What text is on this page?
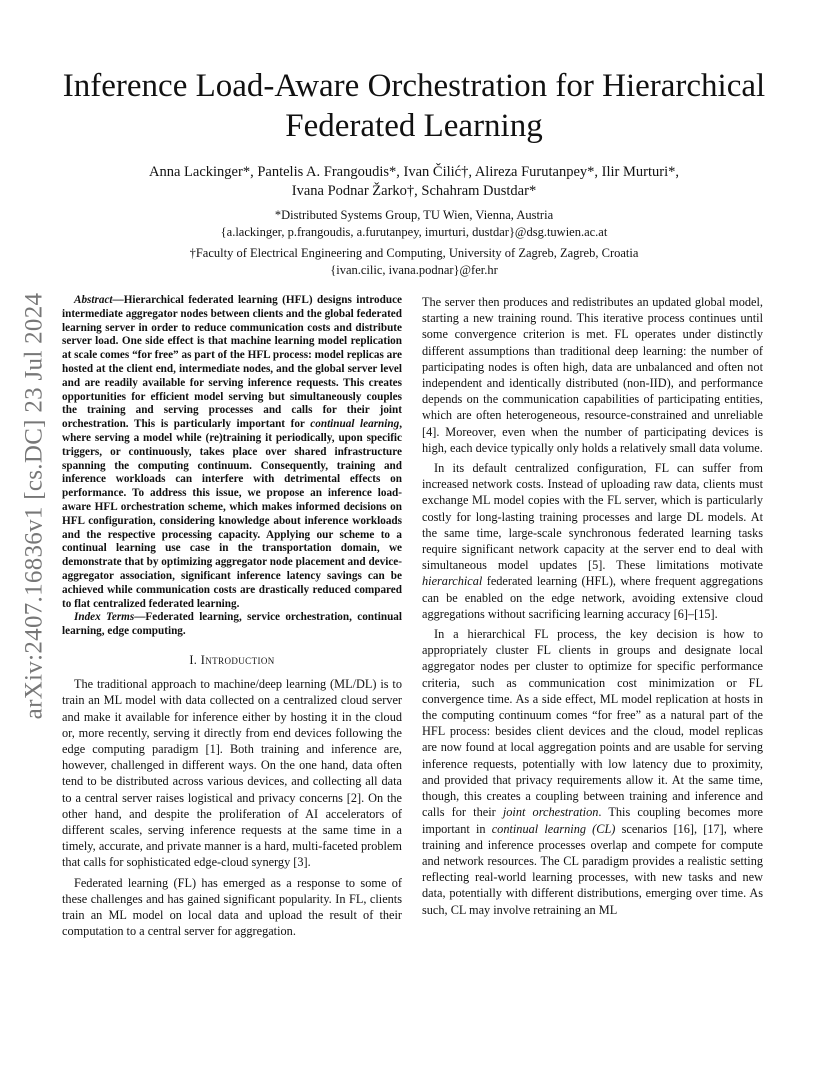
arXiv:2407.16836v1 [cs.DC] 23 Jul 2024
Inference Load-Aware Orchestration for Hierarchical Federated Learning
Anna Lackinger*, Pantelis A. Frangoudis*, Ivan Čilić†, Alireza Furutanpey*, Ilir Murturi*,
Ivana Podnar Žarko†, Schahram Dustdar*
*Distributed Systems Group, TU Wien, Vienna, Austria
{a.lackinger, p.frangoudis, a.furutanpey, imurturi, dustdar}@dsg.tuwien.ac.at
†Faculty of Electrical Engineering and Computing, University of Zagreb, Zagreb, Croatia
{ivan.cilic, ivana.podnar}@fer.hr

Abstract—Hierarchical federated learning (HFL) designs introduce intermediate aggregator nodes between clients and the global federated learning server in order to reduce communication costs and distribute server load. One side effect is that machine learning model replication at scale comes “for free” as part of the HFL process: model replicas are hosted at the client end, intermediate nodes, and the global server level and are readily available for serving inference requests. This creates opportunities for efficient model serving but simultaneously couples the training and serving processes and calls for their joint orchestration. This is particularly important for continual learning, where serving a model while (re)training it periodically, upon specific triggers, or continuously, takes place over shared infrastructure spanning the computing continuum. Consequently, training and inference workloads can interfere with detrimental effects on performance. To address this issue, we propose an inference load-aware HFL orchestration scheme, which makes informed decisions on HFL configuration, considering knowledge about inference workloads and the respective processing capacity. Applying our scheme to a continual learning use case in the transportation domain, we demonstrate that by optimizing aggregator node placement and device-aggregator association, significant inference latency savings can be achieved while communication costs are drastically reduced compared to flat centralized federated learning.

Index Terms—Federated learning, service orchestration, continual learning, edge computing.

I. Introduction

The traditional approach to machine/deep learning (ML/DL) is to train an ML model with data collected on a centralized cloud server and make it available for inference either by hosting it in the cloud or, more recently, serving it directly from end devices following the edge computing paradigm [1]. Both training and inference are, however, challenged in different ways. On the one hand, data often tend to be distributed across various devices, and collecting all data to a central server raises logistical and privacy concerns [2]. On the other hand, and despite the proliferation of AI accelerators of different scales, serving inference requests at the same time in a timely, accurate, and private manner is a hard, multi-faceted problem that calls for sophisticated edge-cloud synergy [3].

Federated learning (FL) has emerged as a response to some of these challenges and has gained significant popularity. In FL, clients train an ML model on local data and upload the result of their computation to a central server for aggregation.

The server then produces and redistributes an updated global model, starting a new training round. This iterative process continues until some convergence criterion is met. FL operates under distinctly different assumptions than traditional deep learning: the number of participating nodes is often high, data are unbalanced and often not independent and identically distributed (non-IID), and performance depends on the communication capabilities of participating entities, which are often heterogeneous, resource-constrained and unreliable [4]. Moreover, even when the number of participating devices is high, each device typically only holds a relatively small data volume.

In its default centralized configuration, FL can suffer from increased network costs. Instead of uploading raw data, clients must exchange ML model copies with the FL server, which is particularly costly for long-lasting training processes and large DL models. At the same time, large-scale synchronous federated learning tasks require significant network capacity at the server end to deal with simultaneous model updates [5]. These limitations motivate hierarchical federated learning (HFL), where frequent aggregations can be enabled on the edge network, avoiding extensive cloud aggregations without sacrificing learning accuracy [6]–[15].

In a hierarchical FL process, the key decision is how to appropriately cluster FL clients in groups and designate local aggregator nodes per cluster to optimize for specific performance criteria, such as communication cost minimization or FL convergence time. As a side effect, ML model replication at hosts in the computing continuum comes “for free” as a natural part of the HFL process: besides client devices and the cloud, model replicas are now found at local aggregation points and are usable for serving inference requests, potentially with low latency due to proximity, and provided that privacy requirements allow it. At the same time, though, this creates a coupling between training and inference and calls for their joint orchestration. This coupling becomes more important in continual learning (CL) scenarios [16], [17], where training and inference processes overlap and compete for compute and network resources. The CL paradigm provides a realistic setting reflecting real-world learning processes, with new tasks and new data, potentially with different distributions, emerging over time. As such, CL may involve retraining an ML
